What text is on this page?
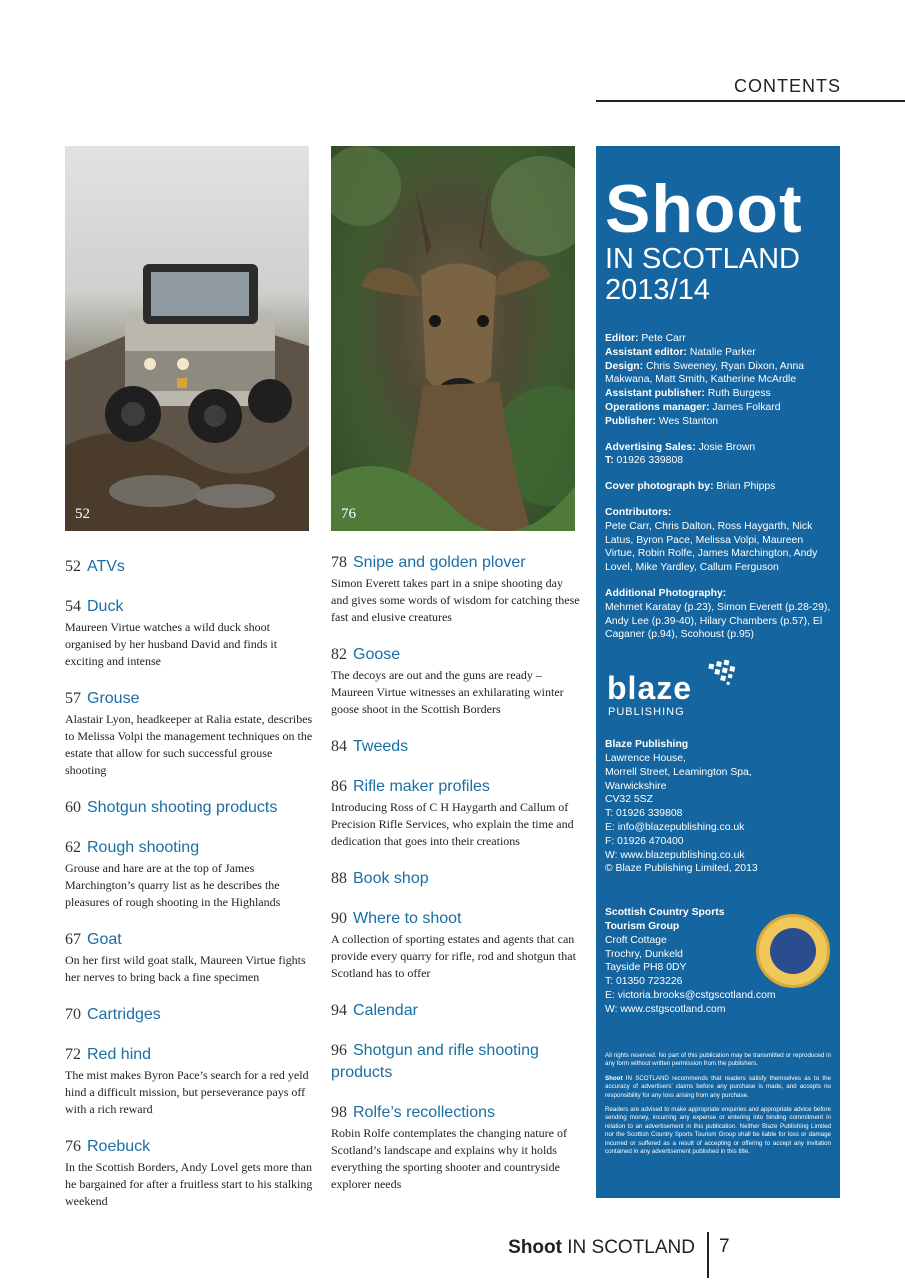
CONTENTS
52	76
52 ATVs
54 Duck
Maureen Virtue watches a wild duck shoot organised by her husband David and finds it exciting and intense
57 Grouse
Alastair Lyon, headkeeper at Ralia estate, describes to Melissa Volpi the management techniques on the estate that allow for such successful grouse shooting
60 Shotgun shooting products
62 Rough shooting
Grouse and hare are at the top of James Marchington’s quarry list as he describes the pleasures of rough shooting in the Highlands
67 Goat
On her first wild goat stalk, Maureen Virtue fights her nerves to bring back a fine specimen
70 Cartridges
72 Red hind
The mist makes Byron Pace’s search for a red yeld hind a difficult mission, but perseverance pays off with a rich reward
76 Roebuck
In the Scottish Borders, Andy Lovel gets more than he bargained for after a fruitless start to his stalking weekend
78 Snipe and golden plover
Simon Everett takes part in a snipe shooting day and gives some words of wisdom for catching these fast and elusive creatures
82 Goose
The decoys are out and the guns are ready – Maureen Virtue witnesses an exhilarating winter goose shoot in the Scottish Borders
84 Tweeds
86 Rifle maker profiles
Introducing Ross of C H Haygarth and Callum of Precision Rifle Services, who explain the time and dedication that goes into their creations
88 Book shop
90 Where to shoot
A collection of sporting estates and agents that can provide every quarry for rifle, rod and shotgun that Scotland has to offer
94 Calendar
96 Shotgun and rifle shooting products
98 Rolfe’s recollections
Robin Rolfe contemplates the changing nature of Scotland’s landscape and explains why it holds everything the sporting shooter and countryside explorer needs
Shoot
IN SCOTLAND
2013/14
Editor: Pete Carr
Assistant editor: Natalie Parker
Design: Chris Sweeney, Ryan Dixon, Anna Makwana, Matt Smith, Katherine McArdle
Assistant publisher: Ruth Burgess
Operations manager: James Folkard
Publisher: Wes Stanton
Advertising Sales: Josie Brown
T: 01926 339808
Cover photograph by: Brian Phipps
Contributors:
Pete Carr, Chris Dalton, Ross Haygarth, Nick Latus, Byron Pace, Melissa Volpi, Maureen Virtue, Robin Rolfe, James Marchington, Andy Lovel, Mike Yardley, Callum Ferguson
Additional Photography:
Mehmet Karatay (p.23), Simon Everett (p.28-29), Andy Lee (p.39-40), Hilary Chambers (p.57), El Caganer (p.94), Scohoust (p.95)
blaze
PUBLISHING
Blaze Publishing
Lawrence House,
Morrell Street, Leamington Spa,
Warwickshire
CV32 5SZ
T: 01926 339808
E: info@blazepublishing.co.uk
F: 01926 470400
W: www.blazepublishing.co.uk
© Blaze Publishing Limited, 2013
Scottish Country Sports
Tourism Group
Croft Cottage
Trochry, Dunkeld
Tayside PH8 0DY
T: 01350 723226
E: victoria.brooks@cstgscotland.com
W: www.cstgscotland.com

All rights reserved. No part of this publication may be transmitted or reproduced in any form without written permission from the publishers.

Shoot IN SCOTLAND recommends that readers satisfy themselves as to the accuracy of advertisers’ claims before any purchase is made, and accepts no responsibility for any loss arising from any purchase.

Readers are advised to make appropriate enquiries and appropriate advice before sending money, incurring any expense or entering into binding commitment in relation to an advertisement in this publication. Neither Blaze Publishing Limited nor the Scottish Country Sports Tourism Group shall be liable for loss or damage incurred or suffered as a result of accepting or offering to accept any invitation contained in any advertisement published in this title.

Shoot IN SCOTLAND 7
